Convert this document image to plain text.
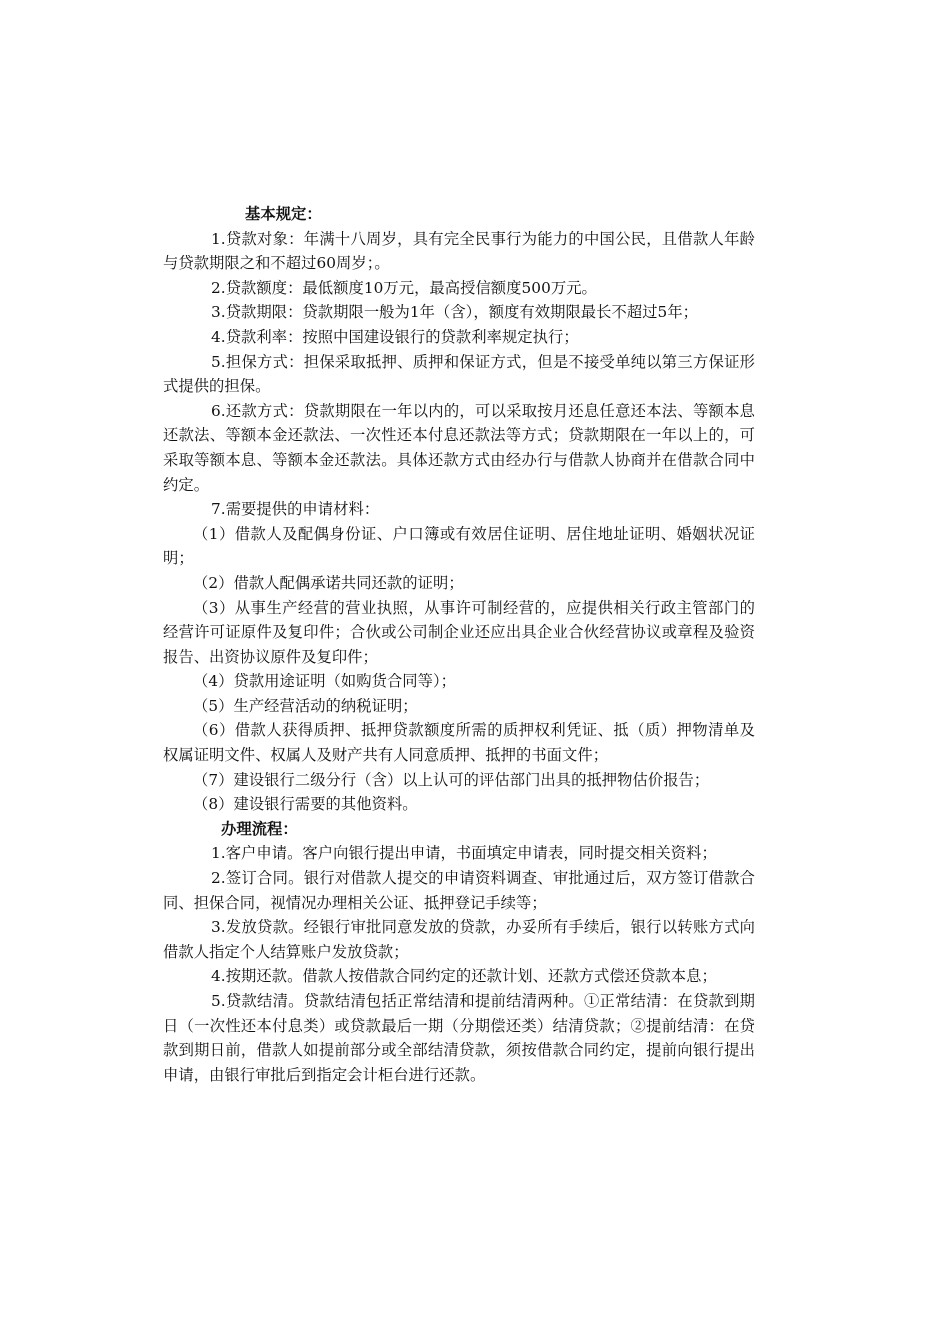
基本规定：

1.贷款对象：年满十八周岁，具有完全民事行为能力的中国公民，且借款人年龄与贷款期限之和不超过60周岁；。

2.贷款额度：最低额度10万元，最高授信额度500万元。

3.贷款期限：贷款期限一般为1年（含），额度有效期限最长不超过5年；

4.贷款利率：按照中国建设银行的贷款利率规定执行；

5.担保方式：担保采取抵押、质押和保证方式，但是不接受单纯以第三方保证形式提供的担保。

6.还款方式：贷款期限在一年以内的，可以采取按月还息任意还本法、等额本息还款法、等额本金还款法、一次性还本付息还款法等方式；贷款期限在一年以上的，可采取等额本息、等额本金还款法。具体还款方式由经办行与借款人协商并在借款合同中约定。

7.需要提供的申请材料：

（1）借款人及配偶身份证、户口簿或有效居住证明、居住地址证明、婚姻状况证明；

（2）借款人配偶承诺共同还款的证明；

（3）从事生产经营的营业执照，从事许可制经营的，应提供相关行政主管部门的经营许可证原件及复印件；合伙或公司制企业还应出具企业合伙经营协议或章程及验资报告、出资协议原件及复印件；

（4）贷款用途证明（如购货合同等）；

（5）生产经营活动的纳税证明；

（6）借款人获得质押、抵押贷款额度所需的质押权利凭证、抵（质）押物清单及权属证明文件、权属人及财产共有人同意质押、抵押的书面文件；

（7）建设银行二级分行（含）以上认可的评估部门出具的抵押物估价报告；

（8）建设银行需要的其他资料。

办理流程：

1.客户申请。客户向银行提出申请，书面填定申请表，同时提交相关资料；

2.签订合同。银行对借款人提交的申请资料调查、审批通过后，双方签订借款合同、担保合同，视情况办理相关公证、抵押登记手续等；

3.发放贷款。经银行审批同意发放的贷款，办妥所有手续后，银行以转账方式向借款人指定个人结算账户发放贷款；

4.按期还款。借款人按借款合同约定的还款计划、还款方式偿还贷款本息；

5.贷款结清。贷款结清包括正常结清和提前结清两种。①正常结清：在贷款到期日（一次性还本付息类）或贷款最后一期（分期偿还类）结清贷款；②提前结清：在贷款到期日前，借款人如提前部分或全部结清贷款，须按借款合同约定，提前向银行提出申请，由银行审批后到指定会计柜台进行还款。
